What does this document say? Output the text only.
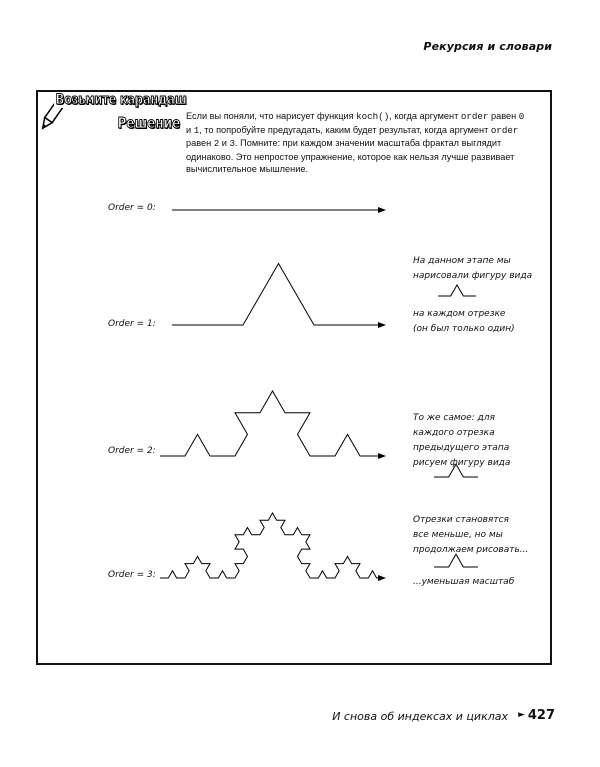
Рекурсия и словари
Возьмите карандаш
Решение Если вы поняли, что нарисует функция koch(), когда аргумент order равен 0 и 1, то попробуйте предугадать, каким будет результат, когда аргумент order равен 2 и 3. Помните: при каждом значении масштаба фрактал выглядит одинаково. Это непростое упражнение, которое как нельзя лучше развивает вычислительное мышление.
Order = 0:
Order = 1:
Order = 2:
Order = 3:
На данном этапе мы
нарисовали фигуру вида
на каждом отрезке
(он был только один)
То же самое: для
каждого отрезка
предыдущего этапа
рисуем фигуру вида
Отрезки становятся
все меньше, но мы
продолжаем рисовать...
...уменьшая масштаб
И снова об индексах и циклах ► 427
